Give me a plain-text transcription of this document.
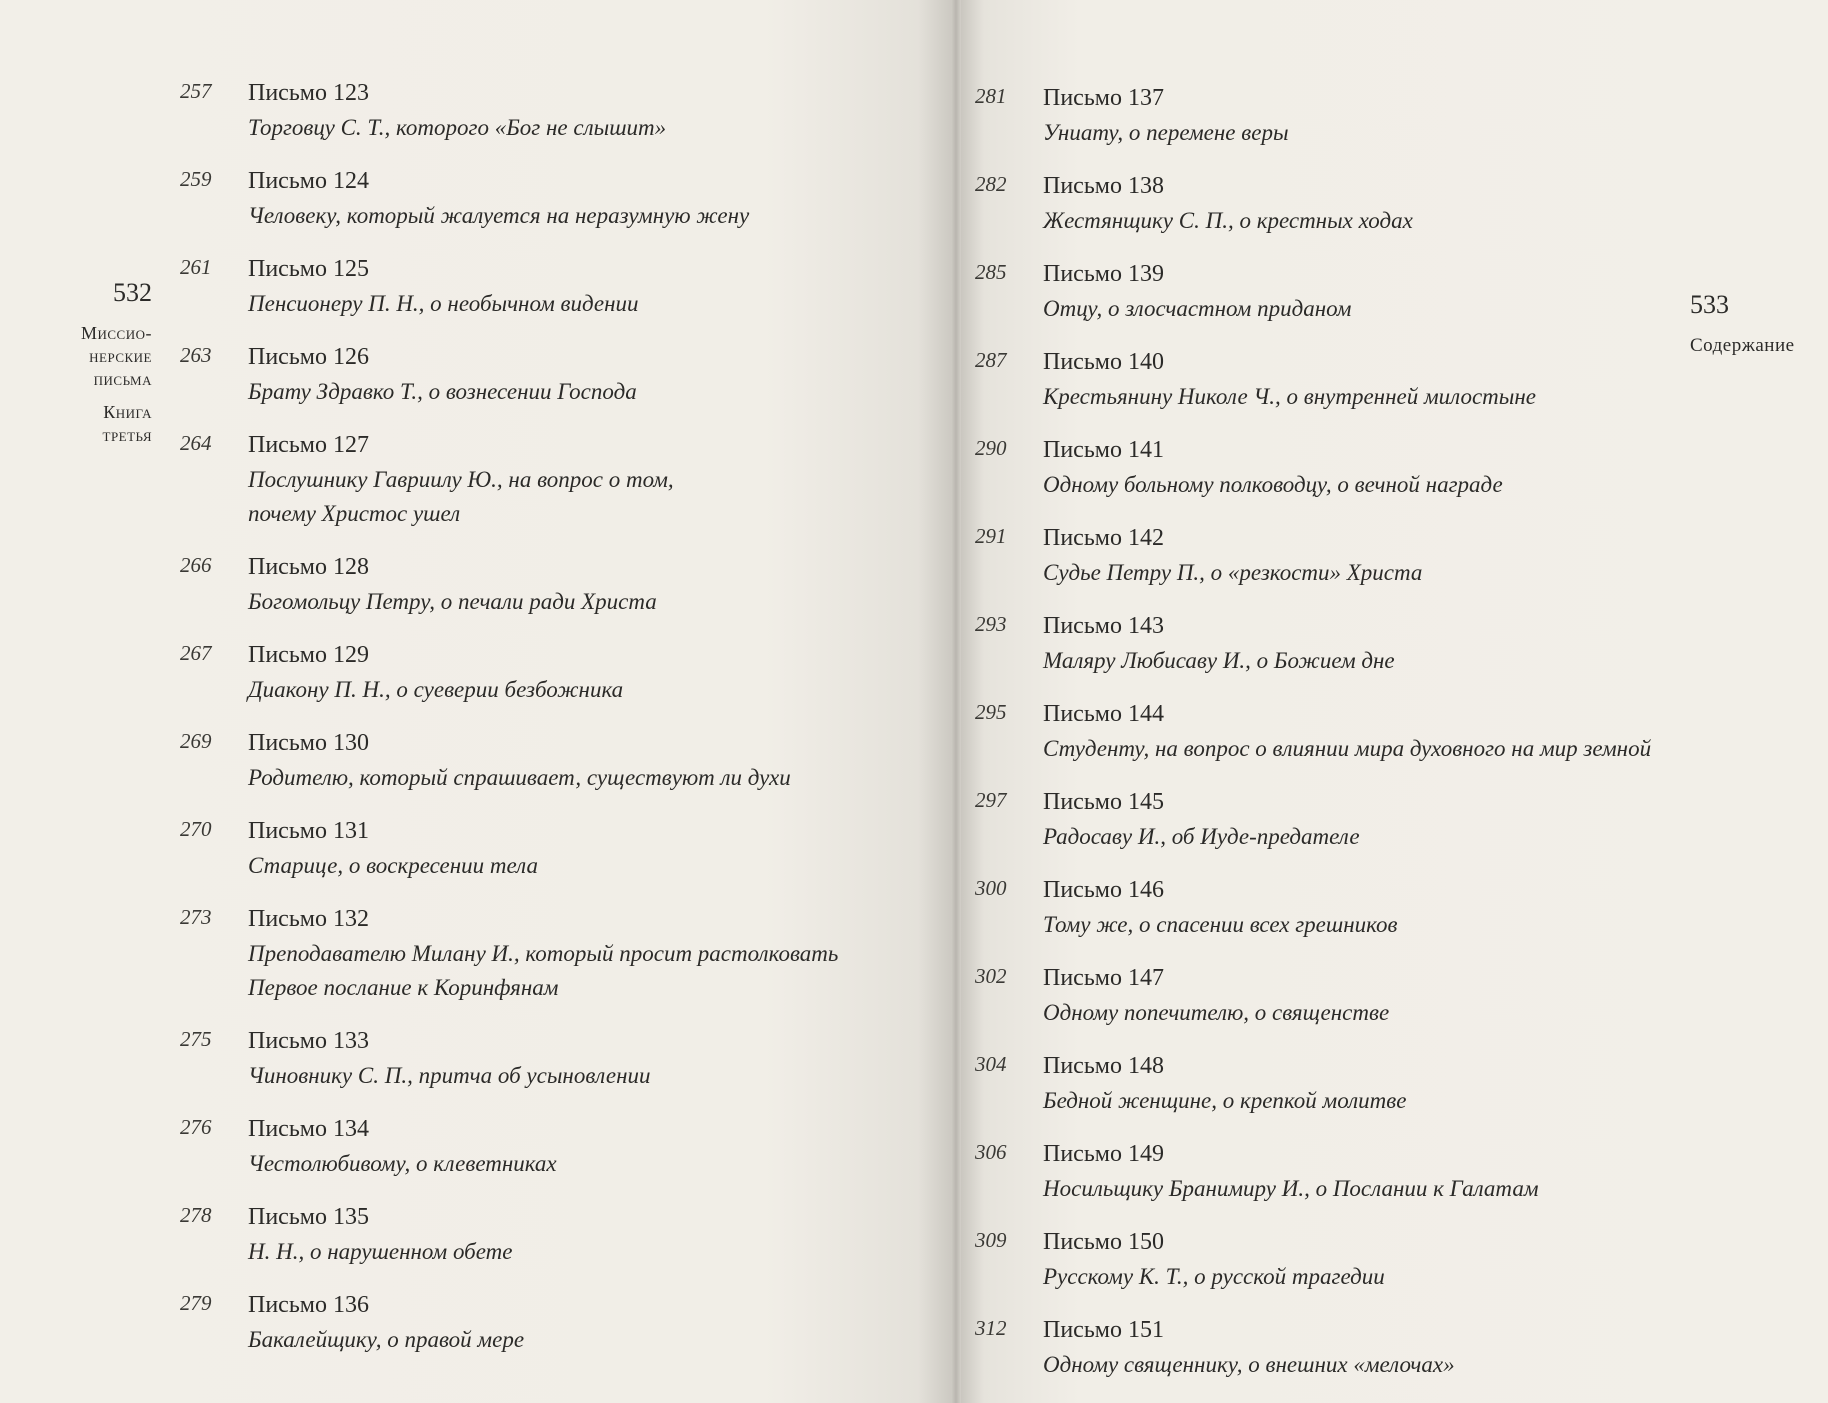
532
Миссио-
нерские
письма
Книга
третья
533
Содержание
257 Письмо 123
Торговцу С. Т., которого «Бог не слышит»
259 Письмо 124
Человеку, который жалуется на неразумную жену
261 Письмо 125
Пенсионеру П. Н., о необычном видении
263 Письмо 126
Брату Здравко Т., о вознесении Господа
264 Письмо 127
Послушнику Гавриилу Ю., на вопрос о том,
почему Христос ушел
266 Письмо 128
Богомольцу Петру, о печали ради Христа
267 Письмо 129
Диакону П. Н., о суеверии безбожника
269 Письмо 130
Родителю, который спрашивает, существуют ли духи
270 Письмо 131
Старице, о воскресении тела
273 Письмо 132
Преподавателю Милану И., который просит растолковать
Первое послание к Коринфянам
275 Письмо 133
Чиновнику С. П., притча об усыновлении
276 Письмо 134
Честолюбивому, о клеветниках
278 Письмо 135
Н. Н., о нарушенном обете
279 Письмо 136
Бакалейщику, о правой мере
281 Письмо 137
Униату, о перемене веры
282 Письмо 138
Жестянщику С. П., о крестных ходах
285 Письмо 139
Отцу, о злосчастном приданом
287 Письмо 140
Крестьянину Николе Ч., о внутренней милостыне
290 Письмо 141
Одному больному полководцу, о вечной награде
291 Письмо 142
Судье Петру П., о «резкости» Христа
293 Письмо 143
Маляру Любисаву И., о Божием дне
295 Письмо 144
Студенту, на вопрос о влиянии мира духовного на мир земной
297 Письмо 145
Радосаву И., об Иуде-предателе
300 Письмо 146
Тому же, о спасении всех грешников
302 Письмо 147
Одному попечителю, о священстве
304 Письмо 148
Бедной женщине, о крепкой молитве
306 Письмо 149
Носильщику Бранимиру И., о Послании к Галатам
309 Письмо 150
Русскому К. Т., о русской трагедии
312 Письмо 151
Одному священнику, о внешних «мелочах»
